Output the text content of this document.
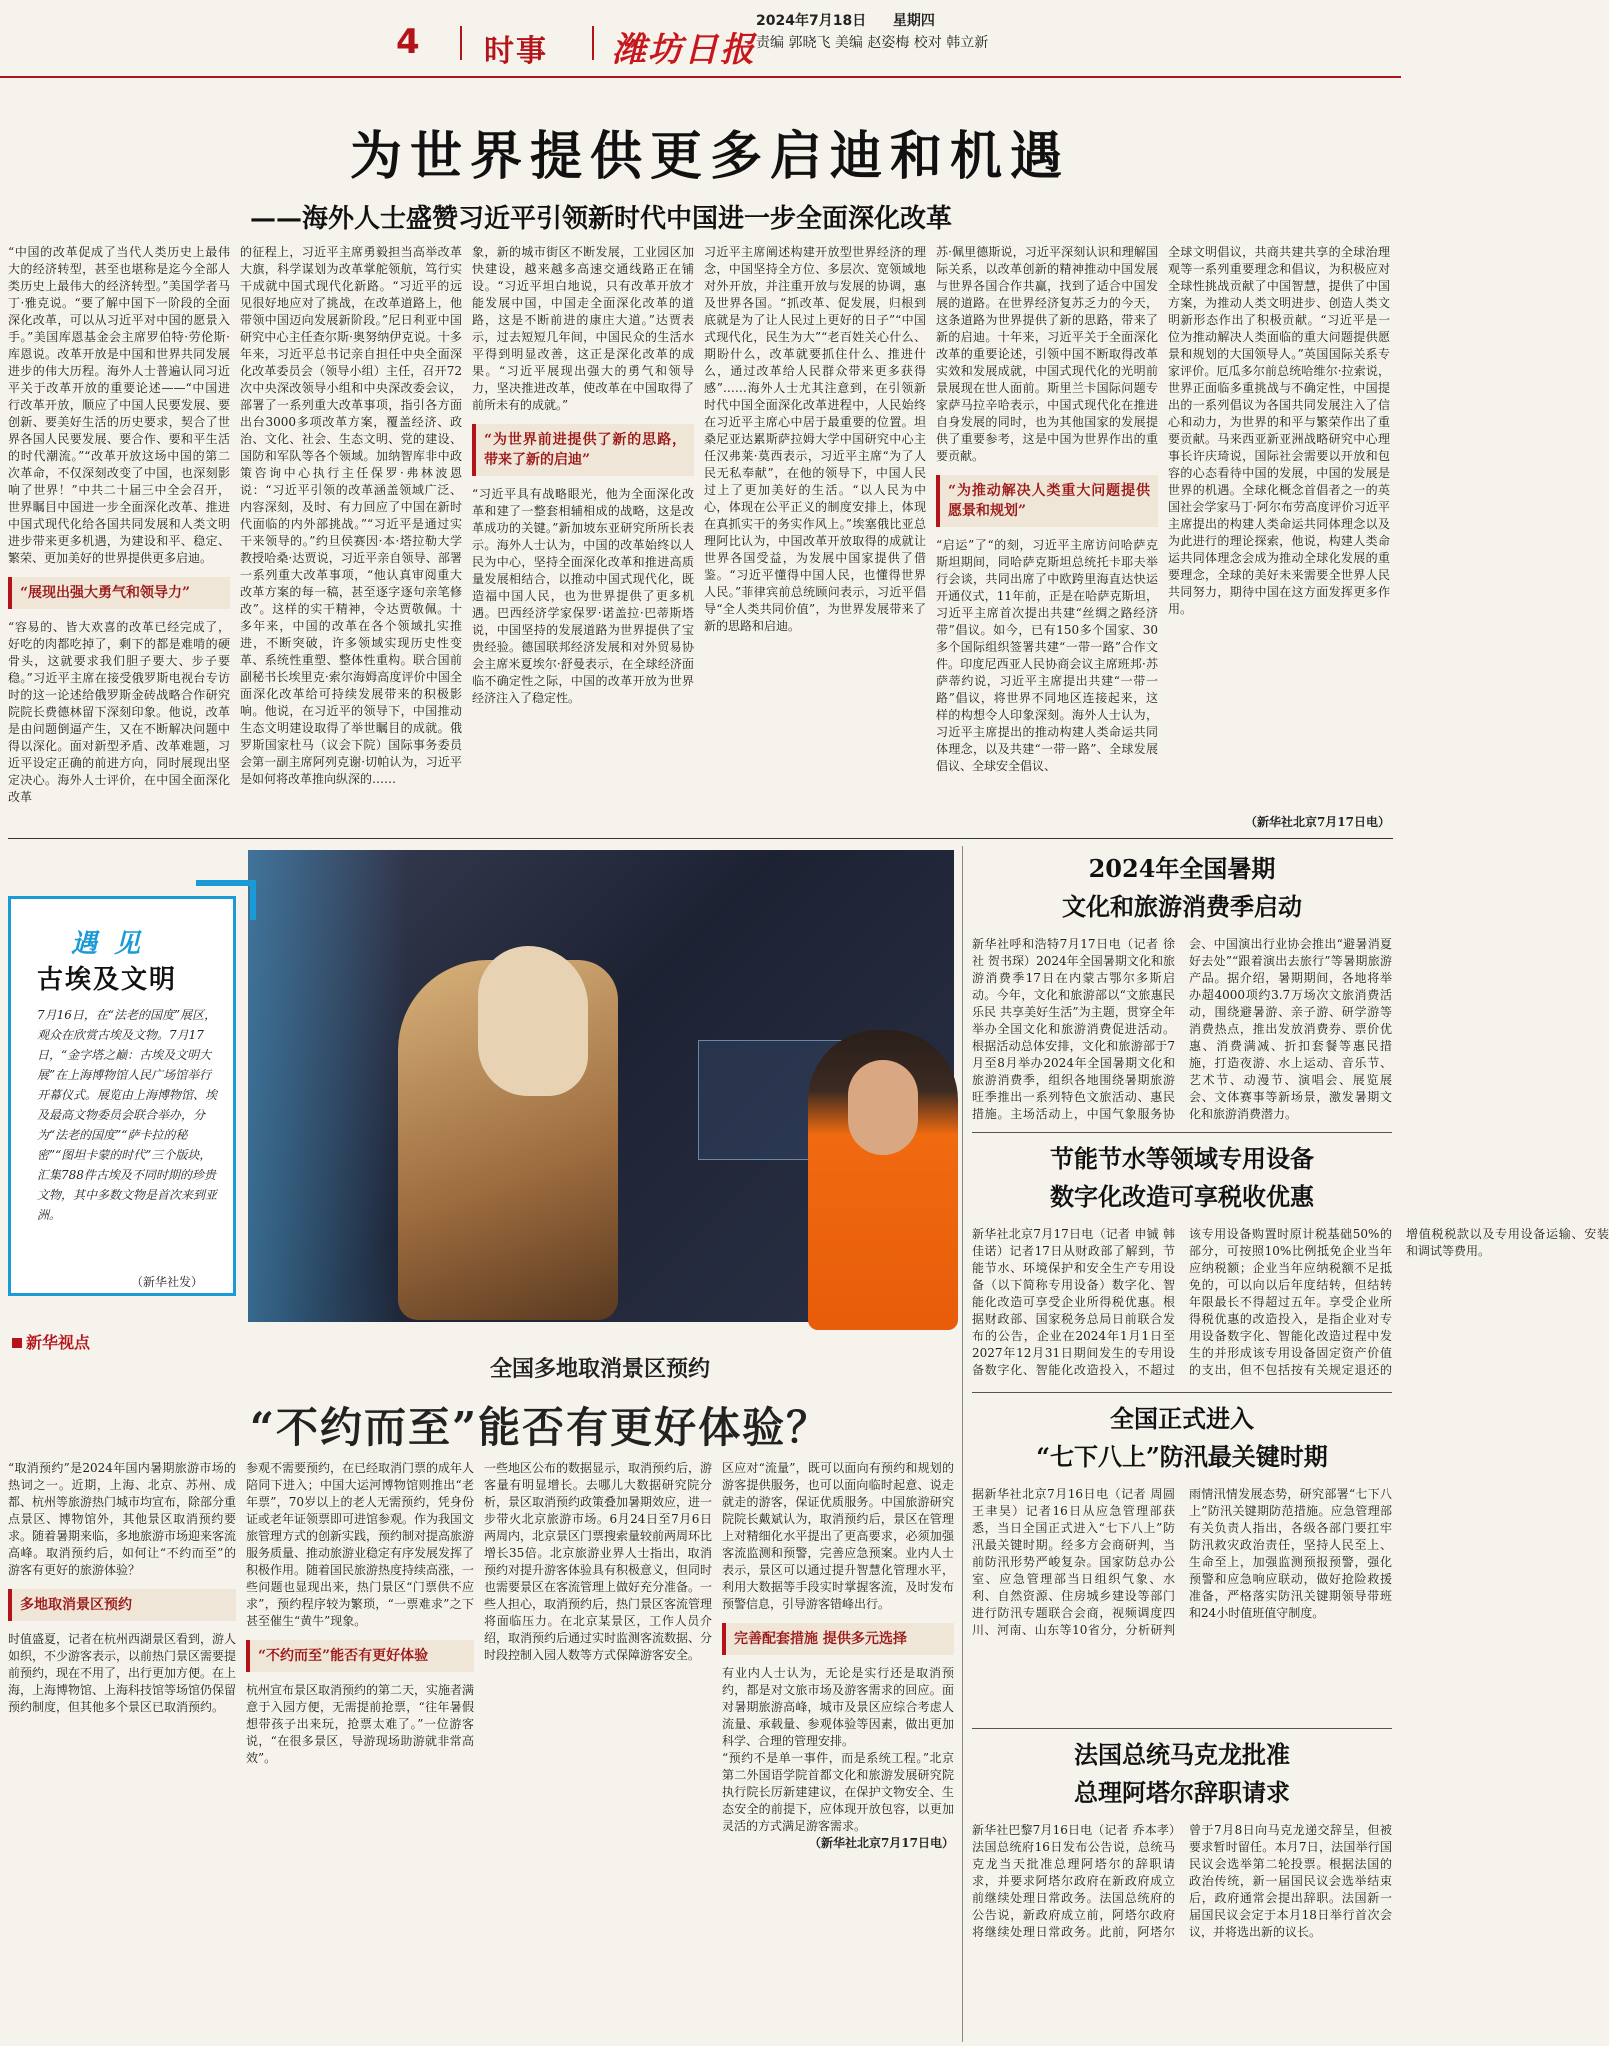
4 时事 潍坊日报
2024年7月18日 星期四
责编 郭晓飞 美编 赵姿梅 校对 韩立新
为世界提供更多启迪和机遇
——海外人士盛赞习近平引领新时代中国进一步全面深化改革

“中国的改革促成了当代人类历史上最伟大的经济转型，甚至也堪称是迄今全部人类历史上最伟大的经济转型。”美国学者马丁·雅克说。“要了解中国下一阶段的全面深化改革，可以从习近平对中国的愿景入手。”美国库恩基金会主席罗伯特·劳伦斯·库恩说。改革开放是中国和世界共同发展进步的伟大历程。海外人士普遍认同习近平关于改革开放的重要论述——“中国进行改革开放，顺应了中国人民要发展、要创新、要美好生活的历史要求，契合了世界各国人民要发展、要合作、要和平生活的时代潮流。”“改革开放这场中国的第二次革命，不仅深刻改变了中国，也深刻影响了世界！”中共二十届三中全会召开，世界瞩目中国进一步全面深化改革、推进中国式现代化给各国共同发展和人类文明进步带来更多机遇，为建设和平、稳定、繁荣、更加美好的世界提供更多启迪。

“展现出强大勇气和领导力”

“容易的、皆大欢喜的改革已经完成了，好吃的肉都吃掉了，剩下的都是难啃的硬骨头，这就要求我们胆子要大、步子要稳。”习近平主席在接受俄罗斯电视台专访时的这一论述给俄罗斯金砖战略合作研究院院长费德林留下深刻印象。他说，改革是由问题倒逼产生，又在不断解决问题中得以深化。面对新型矛盾、改革难题，习近平设定正确的前进方向，同时展现出坚定决心。海外人士评价，在中国全面深化改革

的征程上，习近平主席勇毅担当高举改革大旗，科学谋划为改革掌舵领航，笃行实干成就中国式现代化新路。“习近平的远见很好地应对了挑战，在改革道路上，他带领中国迈向发展新阶段。”尼日利亚中国研究中心主任查尔斯·奥努纳伊克说。十多年来，习近平总书记亲自担任中央全面深化改革委员会（领导小组）主任，召开72次中央深改领导小组和中央深改委会议，部署了一系列重大改革事项，指引各方面出台3000多项改革方案，覆盖经济、政治、文化、社会、生态文明、党的建设、国防和军队等各个领域。加纳智库非中政策咨询中心执行主任保罗·弗林波恩说：“习近平引领的改革涵盖领域广泛、内容深刻，及时、有力回应了中国在新时代面临的内外部挑战。”“习近平是通过实干来领导的。”约旦侯赛因·本·塔拉勒大学教授哈桑·达贾说，习近平亲自领导、部署一系列重大改革事项，“他认真审阅重大改革方案的每一稿，甚至逐字逐句亲笔修改”。这样的实干精神，令达贾敬佩。十多年来，中国的改革在各个领域扎实推进，不断突破，许多领域实现历史性变革、系统性重塑、整体性重构。联合国前副秘书长埃里克·索尔海姆高度评价中国全面深化改革给可持续发展带来的积极影响。他说，在习近平的领导下，中国推动生态文明建设取得了举世瞩目的成就。俄罗斯国家杜马（议会下院）国际事务委员会第一副主席阿列克谢·切帕认为，习近平是如何将改革推向纵深的……

象，新的城市街区不断发展，工业园区加快建设，越来越多高速交通线路正在铺设。“习近平坦白地说，只有改革开放才能发展中国，中国走全面深化改革的道路，这是不断前进的康庄大道。”达贾表示，过去短短几年间，中国民众的生活水平得到明显改善，这正是深化改革的成果。“习近平展现出强大的勇气和领导力，坚决推进改革，使改革在中国取得了前所未有的成就。”

“为世界前进提供了新的思路，带来了新的启迪”

“习近平具有战略眼光，他为全面深化改革和建了一整套相辅相成的战略，这是改革成功的关键。”新加坡东亚研究所所长表示。海外人士认为，中国的改革始终以人民为中心，坚持全面深化改革和推进高质量发展相结合，以推动中国式现代化，既造福中国人民，也为世界提供了更多机遇。巴西经济学家保罗·诺盖拉·巴蒂斯塔说，中国坚持的发展道路为世界提供了宝贵经验。德国联邦经济发展和对外贸易协会主席米夏埃尔·舒曼表示，在全球经济面临不确定性之际，中国的改革开放为世界经济注入了稳定性。

习近平主席阐述构建开放型世界经济的理念，中国坚持全方位、多层次、宽领域地对外开放，并注重开放与发展的协调，惠及世界各国。“抓改革、促发展，归根到底就是为了让人民过上更好的日子”“中国式现代化，民生为大”“老百姓关心什么、期盼什么，改革就要抓住什么、推进什么，通过改革给人民群众带来更多获得感”……海外人士尤其注意到，在引领新时代中国全面深化改革进程中，人民始终在习近平主席心中居于最重要的位置。坦桑尼亚达累斯萨拉姆大学中国研究中心主任汉弗莱·莫西表示，习近平主席“为了人民无私奉献”，在他的领导下，中国人民过上了更加美好的生活。“以人民为中心，体现在公平正义的制度安排上，体现在真抓实干的务实作风上。”埃塞俄比亚总理阿比认为，中国改革开放取得的成就让世界各国受益，为发展中国家提供了借鉴。“习近平懂得中国人民，也懂得世界人民。”菲律宾前总统顾问表示，习近平倡导“全人类共同价值”，为世界发展带来了新的思路和启迪。

苏·佩里德斯说，习近平深刻认识和理解国际关系，以改革创新的精神推动中国发展与世界各国合作共赢，找到了适合中国发展的道路。在世界经济复苏乏力的今天，这条道路为世界提供了新的思路，带来了新的启迪。十年来，习近平关于全面深化改革的重要论述，引领中国不断取得改革实效和发展成就，中国式现代化的光明前景展现在世人面前。斯里兰卡国际问题专家萨马拉辛哈表示，中国式现代化在推进自身发展的同时，也为其他国家的发展提供了重要参考，这是中国为世界作出的重要贡献。

“为推动解决人类重大问题提供愿景和规划”

“启运”了“的刻，习近平主席访问哈萨克斯坦期间，同哈萨克斯坦总统托卡耶夫举行会谈，共同出席了中欧跨里海直达快运开通仪式，11年前，正是在哈萨克斯坦，习近平主席首次提出共建“丝绸之路经济带”倡议。如今，已有150多个国家、30多个国际组织签署共建“一带一路”合作文件。印度尼西亚人民协商会议主席班邦·苏萨蒂约说，习近平主席提出共建“一带一路”倡议，将世界不同地区连接起来，这样的构想令人印象深刻。海外人士认为，习近平主席提出的推动构建人类命运共同体理念，以及共建“一带一路”、全球发展倡议、全球安全倡议、

全球文明倡议，共商共建共享的全球治理观等一系列重要理念和倡议，为积极应对全球性挑战贡献了中国智慧，提供了中国方案，为推动人类文明进步、创造人类文明新形态作出了积极贡献。“习近平是一位为推动解决人类面临的重大问题提供愿景和规划的大国领导人。”英国国际关系专家评价。厄瓜多尔前总统哈维尔·拉索说，世界正面临多重挑战与不确定性，中国提出的一系列倡议为各国共同发展注入了信心和动力，为世界的和平与繁荣作出了重要贡献。马来西亚新亚洲战略研究中心理事长许庆琦说，国际社会需要以开放和包容的心态看待中国的发展，中国的发展是世界的机遇。全球化概念首倡者之一的英国社会学家马丁·阿尔布劳高度评价习近平主席提出的构建人类命运共同体理念以及为此进行的理论探索，他说，构建人类命运共同体理念会成为推动全球化发展的重要理念，全球的美好未来需要全世界人民共同努力，期待中国在这方面发挥更多作用。

（新华社北京7月17日电）
遇 见
古埃及文明
7月16日，在“法老的国度”展区，观众在欣赏古埃及文物。7月17日，“金字塔之巅：古埃及文明大展”在上海博物馆人民广场馆举行开幕仪式。展览由上海博物馆、埃及最高文物委员会联合举办，分为“法老的国度”“萨卡拉的秘密”“图坦卡蒙的时代”三个版块，汇集788件古埃及不同时期的珍贵文物，其中多数文物是首次来到亚洲。
（新华社发）
新华视点
全国多地取消景区预约
“不约而至”能否有更好体验？

“取消预约”是2024年国内暑期旅游市场的热词之一。近期，上海、北京、苏州、成都、杭州等旅游热门城市均宣布，除部分重点景区、博物馆外，其他景区取消预约要求。随着暑期来临，多地旅游市场迎来客流高峰。取消预约后，如何让“不约而至”的游客有更好的旅游体验？

多地取消景区预约

时值盛夏，记者在杭州西湖景区看到，游人如织，不少游客表示，以前热门景区需要提前预约，现在不用了，出行更加方便。在上海，上海博物馆、上海科技馆等场馆仍保留预约制度，但其他多个景区已取消预约。

参观不需要预约，在已经取消门票的成年人陪同下进入；中国大运河博物馆则推出“老年票”，70岁以上的老人无需预约，凭身份证或老年证领票即可进馆参观。作为我国文旅管理方式的创新实践，预约制对提高旅游服务质量、推动旅游业稳定有序发展发挥了积极作用。随着国民旅游热度持续高涨，一些问题也显现出来，热门景区“门票供不应求”，预约程序较为繁琐，“一票难求”之下甚至催生“黄牛”现象。

“不约而至”能否有更好体验

杭州宣布景区取消预约的第二天，实施者满意于入园方便，无需提前抢票，“往年暑假想带孩子出来玩，抢票太难了。”一位游客说，“在很多景区，导游现场助游就非常高效”。

一些地区公布的数据显示，取消预约后，游客量有明显增长。去哪儿大数据研究院分析，景区取消预约政策叠加暑期效应，进一步带火北京旅游市场。6月24日至7月6日两周内，北京景区门票搜索量较前两周环比增长35倍。北京旅游业界人士指出，取消预约对提升游客体验具有积极意义，但同时也需要景区在客流管理上做好充分准备。一些人担心，取消预约后，热门景区客流管理将面临压力。在北京某景区，工作人员介绍，取消预约后通过实时监测客流数据、分时段控制入园人数等方式保障游客安全。

区应对“流量”，既可以面向有预约和规划的游客提供服务，也可以面向临时起意、说走就走的游客，保证优质服务。中国旅游研究院院长戴斌认为，取消预约后，景区在管理上对精细化水平提出了更高要求，必须加强客流监测和预警，完善应急预案。业内人士表示，景区可以通过提升智慧化管理水平，利用大数据等手段实时掌握客流，及时发布预警信息，引导游客错峰出行。

完善配套措施 提供多元选择

有业内人士认为，无论是实行还是取消预约，都是对文旅市场及游客需求的回应。面对暑期旅游高峰，城市及景区应综合考虑人流量、承载量、参观体验等因素，做出更加科学、合理的管理安排。

“预约不是单一事件，而是系统工程。”北京第二外国语学院首都文化和旅游发展研究院执行院长厉新建建议，在保护文物安全、生态安全的前提下，应体现开放包容，以更加灵活的方式满足游客需求。

（新华社北京7月17日电）

2024年全国暑期
文化和旅游消费季启动
新华社呼和浩特7月17日电（记者 徐社 贺书琛）2024年全国暑期文化和旅游消费季17日在内蒙古鄂尔多斯启动。今年，文化和旅游部以“文旅惠民乐民 共享美好生活”为主题，贯穿全年举办全国文化和旅游消费促进活动。根据活动总体安排，文化和旅游部于7月至8月举办2024年全国暑期文化和旅游消费季，组织各地围绕暑期旅游旺季推出一系列特色文旅活动、惠民措施。主场活动上，中国气象服务协会、中国演出行业协会推出“避暑消夏好去处”“跟着演出去旅行”等暑期旅游产品。据介绍，暑期期间，各地将举办超4000项约3.7万场次文旅消费活动，围绕避暑游、亲子游、研学游等消费热点，推出发放消费券、票价优惠、消费满减、折扣套餐等惠民措施，打造夜游、水上运动、音乐节、艺术节、动漫节、演唱会、展览展会、文体赛事等新场景，激发暑期文化和旅游消费潜力。
节能节水等领域专用设备
数字化改造可享税收优惠
新华社北京7月17日电（记者 申铖 韩佳诺）记者17日从财政部了解到，节能节水、环境保护和安全生产专用设备（以下简称专用设备）数字化、智能化改造可享受企业所得税优惠。根据财政部、国家税务总局日前联合发布的公告，企业在2024年1月1日至2027年12月31日期间发生的专用设备数字化、智能化改造投入，不超过该专用设备购置时原计税基础50%的部分，可按照10%比例抵免企业当年应纳税额；企业当年应纳税额不足抵免的，可以向以后年度结转，但结转年限最长不得超过五年。享受企业所得税优惠的改造投入，是指企业对专用设备数字化、智能化改造过程中发生的并形成该专用设备固定资产价值的支出，但不包括按有关规定退还的增值税税款以及专用设备运输、安装和调试等费用。
全国正式进入
“七下八上”防汛最关键时期
据新华社北京7月16日电（记者 周圆 王聿昊）记者16日从应急管理部获悉，当日全国正式进入“七下八上”防汛最关键时期。经多方会商研判，当前防汛形势严峻复杂。国家防总办公室、应急管理部当日组织气象、水利、自然资源、住房城乡建设等部门进行防汛专题联合会商，视频调度四川、河南、山东等10省分，分析研判雨情汛情发展态势，研究部署“七下八上”防汛关键期防范措施。应急管理部有关负责人指出，各级各部门要扛牢防汛救灾政治责任，坚持人民至上、生命至上，加强监测预报预警，强化预警和应急响应联动，做好抢险救援准备，严格落实防汛关键期领导带班和24小时值班值守制度。
法国总统马克龙批准
总理阿塔尔辞职请求
新华社巴黎7月16日电（记者 乔本孝）法国总统府16日发布公告说，总统马克龙当天批准总理阿塔尔的辞职请求，并要求阿塔尔政府在新政府成立前继续处理日常政务。法国总统府的公告说，新政府成立前，阿塔尔政府将继续处理日常政务。此前，阿塔尔曾于7月8日向马克龙递交辞呈，但被要求暂时留任。本月7日，法国举行国民议会选举第二轮投票。根据法国的政治传统，新一届国民议会选举结束后，政府通常会提出辞职。法国新一届国民议会定于本月18日举行首次会议，并将选出新的议长。
